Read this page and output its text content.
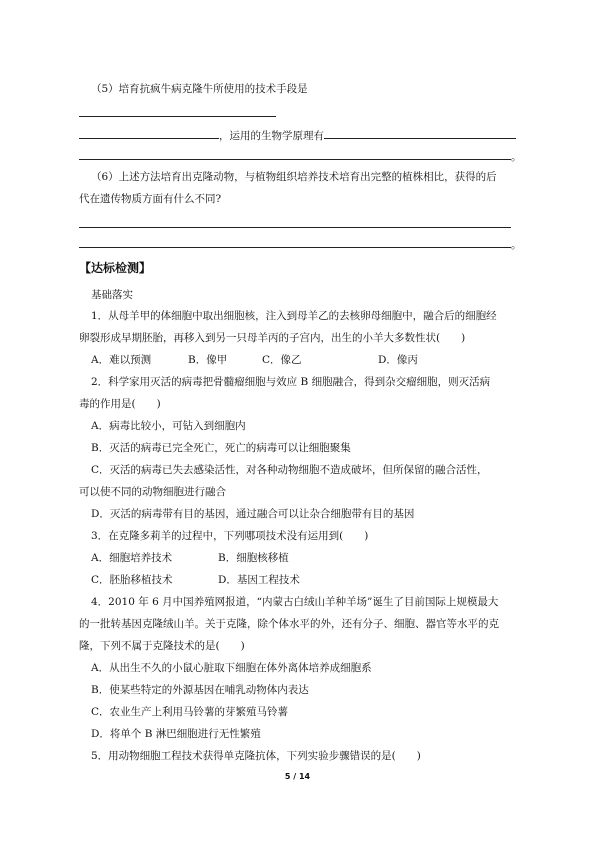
（5）培育抗疯牛病克隆牛所使用的技术手段是
，运用的生物学原理有
。
（6）上述方法培育出克隆动物，与植物组织培养技术培育出完整的植株相比，获得的后
代在遗传物质方面有什么不同?
。
【达标检测】
基础落实
1．从母羊甲的体细胞中取出细胞核，注入到母羊乙的去核卵母细胞中，融合后的细胞经
卵裂形成早期胚胎，再移入到另一只母羊丙的子宫内，出生的小羊大多数性状(　　)
A．难以预测	B．像甲	C．像乙	D．像丙
2．科学家用灭活的病毒把骨髓瘤细胞与效应 B 细胞融合，得到杂交瘤细胞，则灭活病
毒的作用是(　　)
A．病毒比较小，可钻入到细胞内
B．灭活的病毒已完全死亡，死亡的病毒可以让细胞聚集
C．灭活的病毒已失去感染活性，对各种动物细胞不造成破坏，但所保留的融合活性，
可以使不同的动物细胞进行融合
D．灭活的病毒带有目的基因，通过融合可以让杂合细胞带有目的基因
3．在克隆多莉羊的过程中，下列哪项技术没有运用到(　　)
A．细胞培养技术	B．细胞核移植
C．胚胎移植技术	D．基因工程技术
4．2010 年 6 月中国养殖网报道，“内蒙古白绒山羊种羊场”诞生了目前国际上规模最大
的一批转基因克隆绒山羊。关于克隆，除个体水平的外，还有分子、细胞、器官等水平的克
隆，下列不属于克隆技术的是(　　)
A．从出生不久的小鼠心脏取下细胞在体外离体培养成细胞系
B．使某些特定的外源基因在哺乳动物体内表达
C．农业生产上利用马铃薯的芽繁殖马铃薯
D．将单个 B 淋巴细胞进行无性繁殖
5．用动物细胞工程技术获得单克隆抗体，下列实验步骤错误的是(　　)
5 / 14
